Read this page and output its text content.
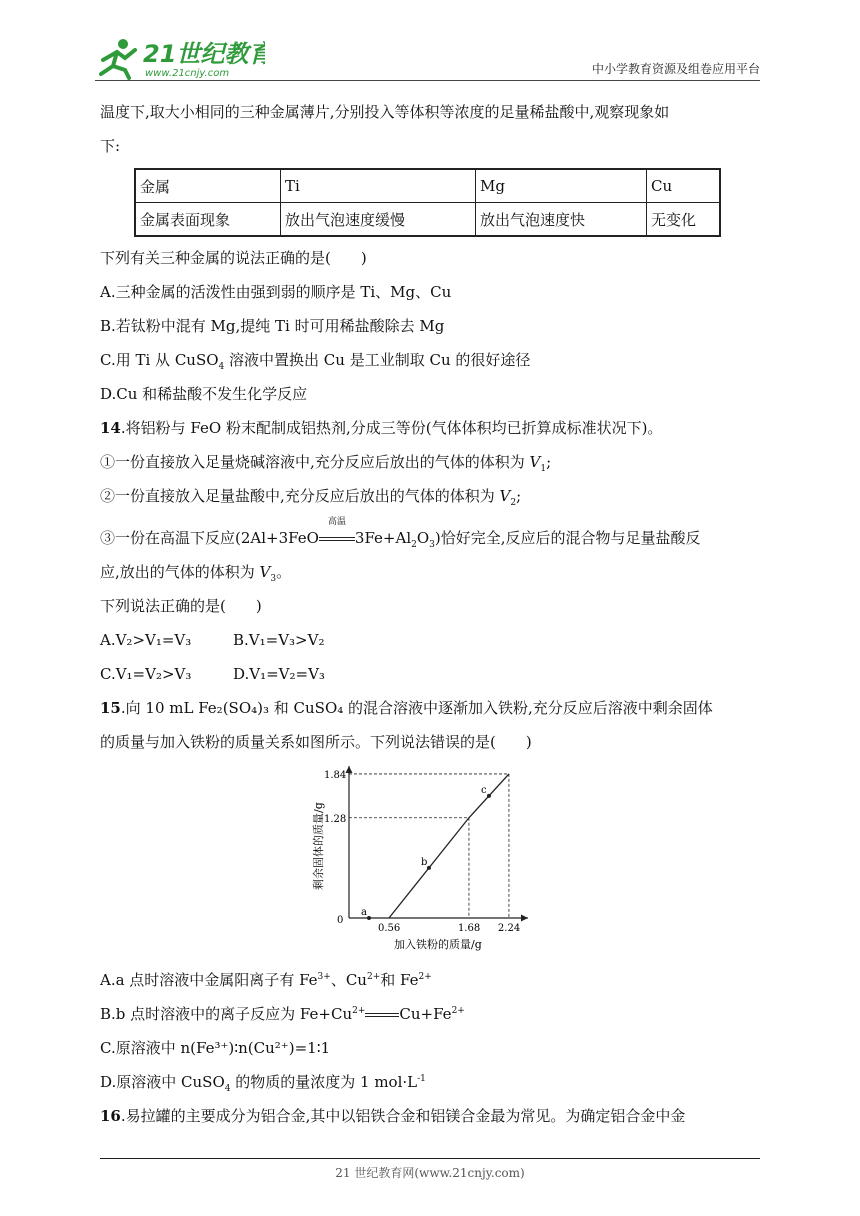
21世纪教育
www.21cnjy.com	中小学教育资源及组卷应用平台
温度下,取大小相同的三种金属薄片,分别投入等体积等浓度的足量稀盐酸中,观察现象如
下:
金属	Ti	Mg	Cu
金属表面现象	放出气泡速度缓慢	放出气泡速度快	无变化
下列有关三种金属的说法正确的是(　　)
A.三种金属的活泼性由强到弱的顺序是 Ti、Mg、Cu
B.若钛粉中混有 Mg,提纯 Ti 时可用稀盐酸除去 Mg
C.用 Ti 从 CuSO$_4$ 溶液中置换出 Cu 是工业制取 Cu 的很好途径
D.Cu 和稀盐酸不发生化学反应
14.将铝粉与 FeO 粉末配制成铝热剂,分成三等份(气体体积均已折算成标准状况下)。
①一份直接放入足量烧碱溶液中,充分反应后放出的气体的体积为 $V_1$;
②一份直接放入足量盐酸中,充分反应后放出的气体的体积为 $V_2$;
③一份在高温下反应(2Al+3FeO
高温
$3Fe+Al_2O_3$)恰好完全,反应后的混合物与足量盐酸反
应,放出的气体的体积为 $V_3$。
下列说法正确的是(　　)
A.V₂>V₁=V₃	B.V₁=V₃>V₂
C.V₁=V₂>V₃	D.V₁=V₂=V₃
15.向 10 mL Fe₂(SO₄)₃ 和 CuSO₄ 的混合溶液中逐渐加入铁粉,充分反应后溶液中剩余固体
的质量与加入铁粉的质量关系如图所示。下列说法错误的是(　　)
A.a 点时溶液中金属阳离子有 $Fe^{3+}$、$Cu^{2+}$和 $Fe^{2+}$
B.b 点时溶液中的离子反应为 $Fe+Cu^{2+}$ $Cu+Fe^{2+}$
C.原溶液中 n(Fe³⁺)∶n(Cu²⁺)=1∶1
D.原溶液中 CuSO$_4$ 的物质的量浓度为 1 $mol\cdot L^{-1}$
16.易拉罐的主要成分为铝合金,其中以铝铁合金和铝镁合金最为常见。为确定铝合金中金
0
0.56	1.68 2.24
1.28
1.84
a
b
c
加入铁粉的质量/g
剩余固体的质量/g
21 世纪教育网(www.21cnjy.com)
